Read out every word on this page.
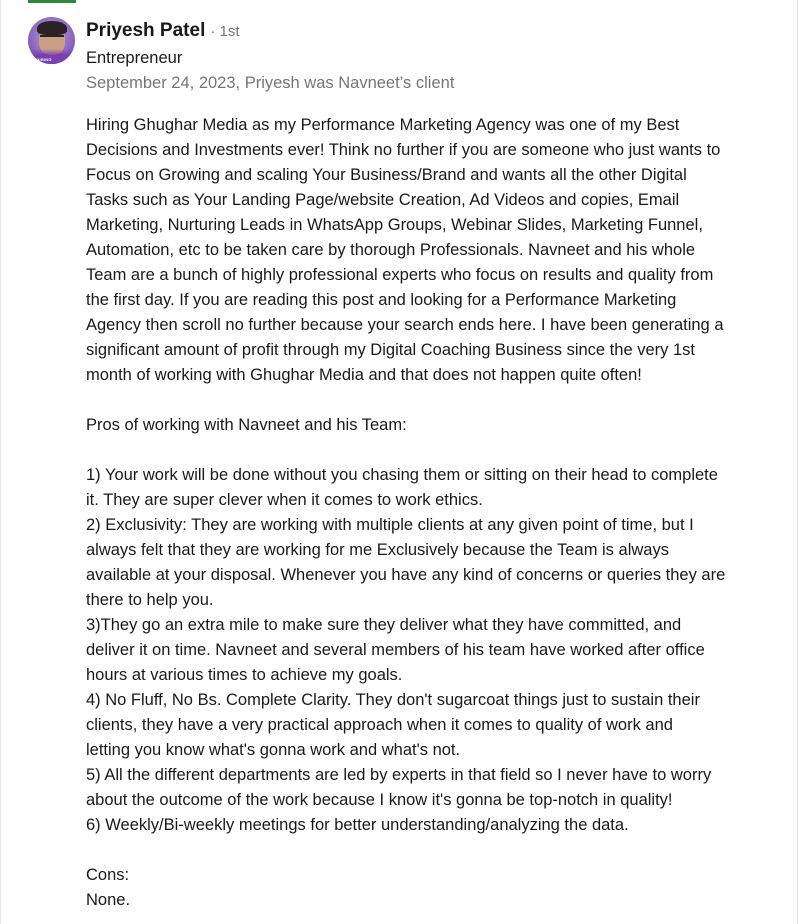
#HIRING
Priyesh Patel · 1st
Entrepreneur
September 24, 2023, Priyesh was Navneet’s client

Hiring Ghughar Media as my Performance Marketing Agency was one of my Best
Decisions and Investments ever! Think no further if you are someone who just wants to
Focus on Growing and scaling Your Business/Brand and wants all the other Digital
Tasks such as Your Landing Page/website Creation, Ad Videos and copies, Email
Marketing, Nurturing Leads in WhatsApp Groups, Webinar Slides, Marketing Funnel,
Automation, etc to be taken care by thorough Professionals. Navneet and his whole
Team are a bunch of highly professional experts who focus on results and quality from
the first day. If you are reading this post and looking for a Performance Marketing
Agency then scroll no further because your search ends here. I have been generating a
significant amount of profit through my Digital Coaching Business since the very 1st
month of working with Ghughar Media and that does not happen quite often!

Pros of working with Navneet and his Team:

1) Your work will be done without you chasing them or sitting on their head to complete
it. They are super clever when it comes to work ethics.
2) Exclusivity: They are working with multiple clients at any given point of time, but I
always felt that they are working for me Exclusively because the Team is always
available at your disposal. Whenever you have any kind of concerns or queries they are
there to help you.
3)They go an extra mile to make sure they deliver what they have committed, and
deliver it on time. Navneet and several members of his team have worked after office
hours at various times to achieve my goals.
4) No Fluff, No Bs. Complete Clarity. They don't sugarcoat things just to sustain their
clients, they have a very practical approach when it comes to quality of work and
letting you know what's gonna work and what's not.
5) All the different departments are led by experts in that field so I never have to worry
about the outcome of the work because I know it's gonna be top-notch in quality!
6) Weekly/Bi-weekly meetings for better understanding/analyzing the data.

Cons:
None.
